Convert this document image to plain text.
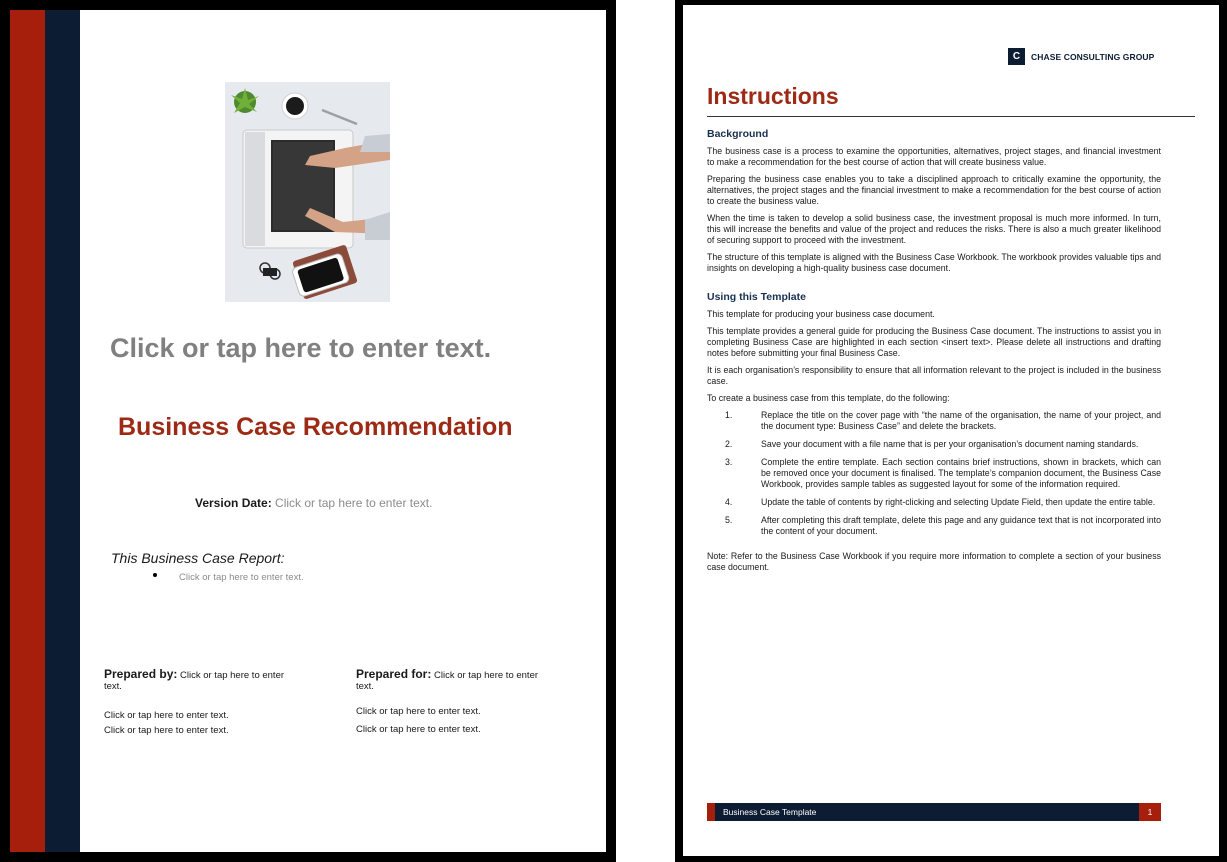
Click or tap here to enter text.
Business Case Recommendation
Version Date: Click or tap here to enter text.
This Business Case Report:
Click or tap here to enter text.
Prepared by: Click or tap here to enter text.
Click or tap here to enter text.
Click or tap here to enter text.
Prepared for: Click or tap here to enter text.
Click or tap here to enter text.
Click or tap here to enter text.
C	CHASE CONSULTING GROUP
Instructions
Background

The business case is a process to examine the opportunities, alternatives, project stages, and financial investment to make a recommendation for the best course of action that will create business value.

Preparing the business case enables you to take a disciplined approach to critically examine the opportunity, the alternatives, the project stages and the financial investment to make a recommendation for the best course of action to create the business value.

When the time is taken to develop a solid business case, the investment proposal is much more informed. In turn, this will increase the benefits and value of the project and reduces the risks. There is also a much greater likelihood of securing support to proceed with the investment.

The structure of this template is aligned with the Business Case Workbook. The workbook provides valuable tips and insights on developing a high-quality business case document.

Using this Template

This template for producing your business case document.

This template provides a general guide for producing the Business Case document. The instructions to assist you in completing Business Case are highlighted in each section <insert text>. Please delete all instructions and drafting notes before submitting your final Business Case.

It is each organisation’s responsibility to ensure that all information relevant to the project is included in the business case.

To create a business case from this template, do the following:

1.	Replace the title on the cover page with “the name of the organisation, the name of your project, and the document type: Business Case” and delete the brackets.
2.	Save your document with a file name that is per your organisation’s document naming standards.
3.	Complete the entire template. Each section contains brief instructions, shown in brackets, which can be removed once your document is finalised. The template’s companion document, the Business Case Workbook, provides sample tables as suggested layout for some of the information required.
4.	Update the table of contents by right-clicking and selecting Update Field, then update the entire table.
5.	After completing this draft template, delete this page and any guidance text that is not incorporated into the content of your document.

Note: Refer to the Business Case Workbook if you require more information to complete a section of your business case document.

Business Case Template	1
